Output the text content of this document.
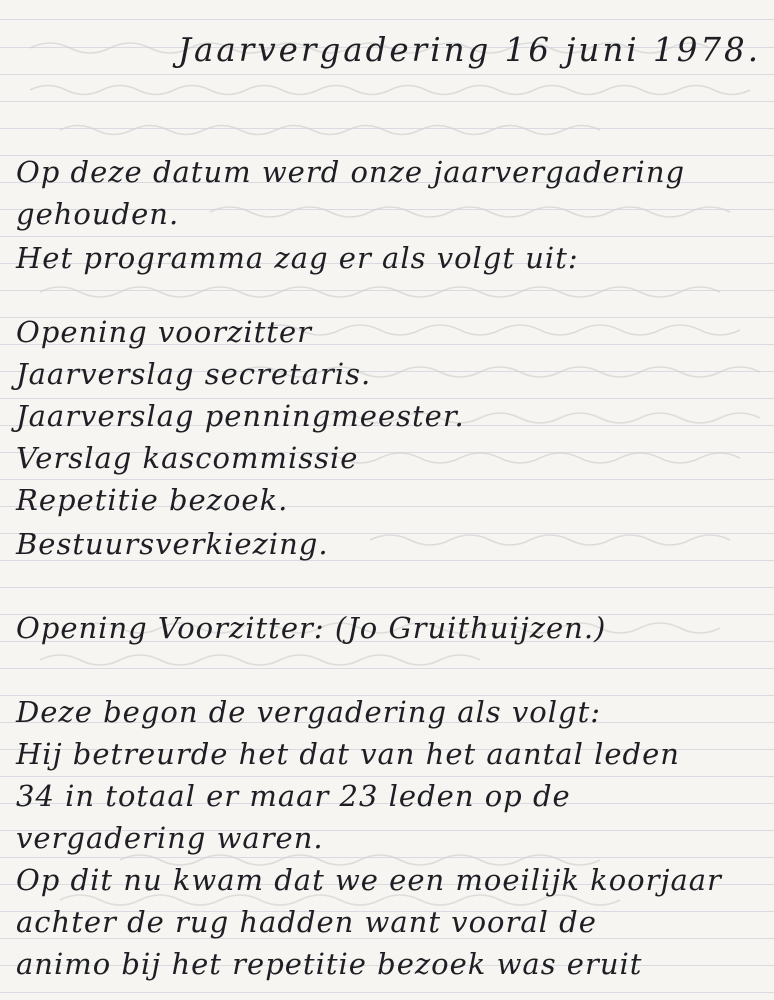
Jaarvergadering 16 juni 1978.
Op deze datum werd onze jaarvergadering
gehouden.
Het programma zag er als volgt uit:
Opening voorzitter
Jaarverslag secretaris.
Jaarverslag penningmeester.
Verslag kascommissie
Repetitie bezoek.
Bestuursverkiezing.
Opening Voorzitter: (Jo Gruithuijzen.)
Deze begon de vergadering als volgt:
Hij betreurde het dat van het aantal leden
34 in totaal er maar 23 leden op de
vergadering waren.
Op dit nu kwam dat we een moeilijk koorjaar
achter de rug hadden want vooral de
animo bij het repetitie bezoek was eruit
